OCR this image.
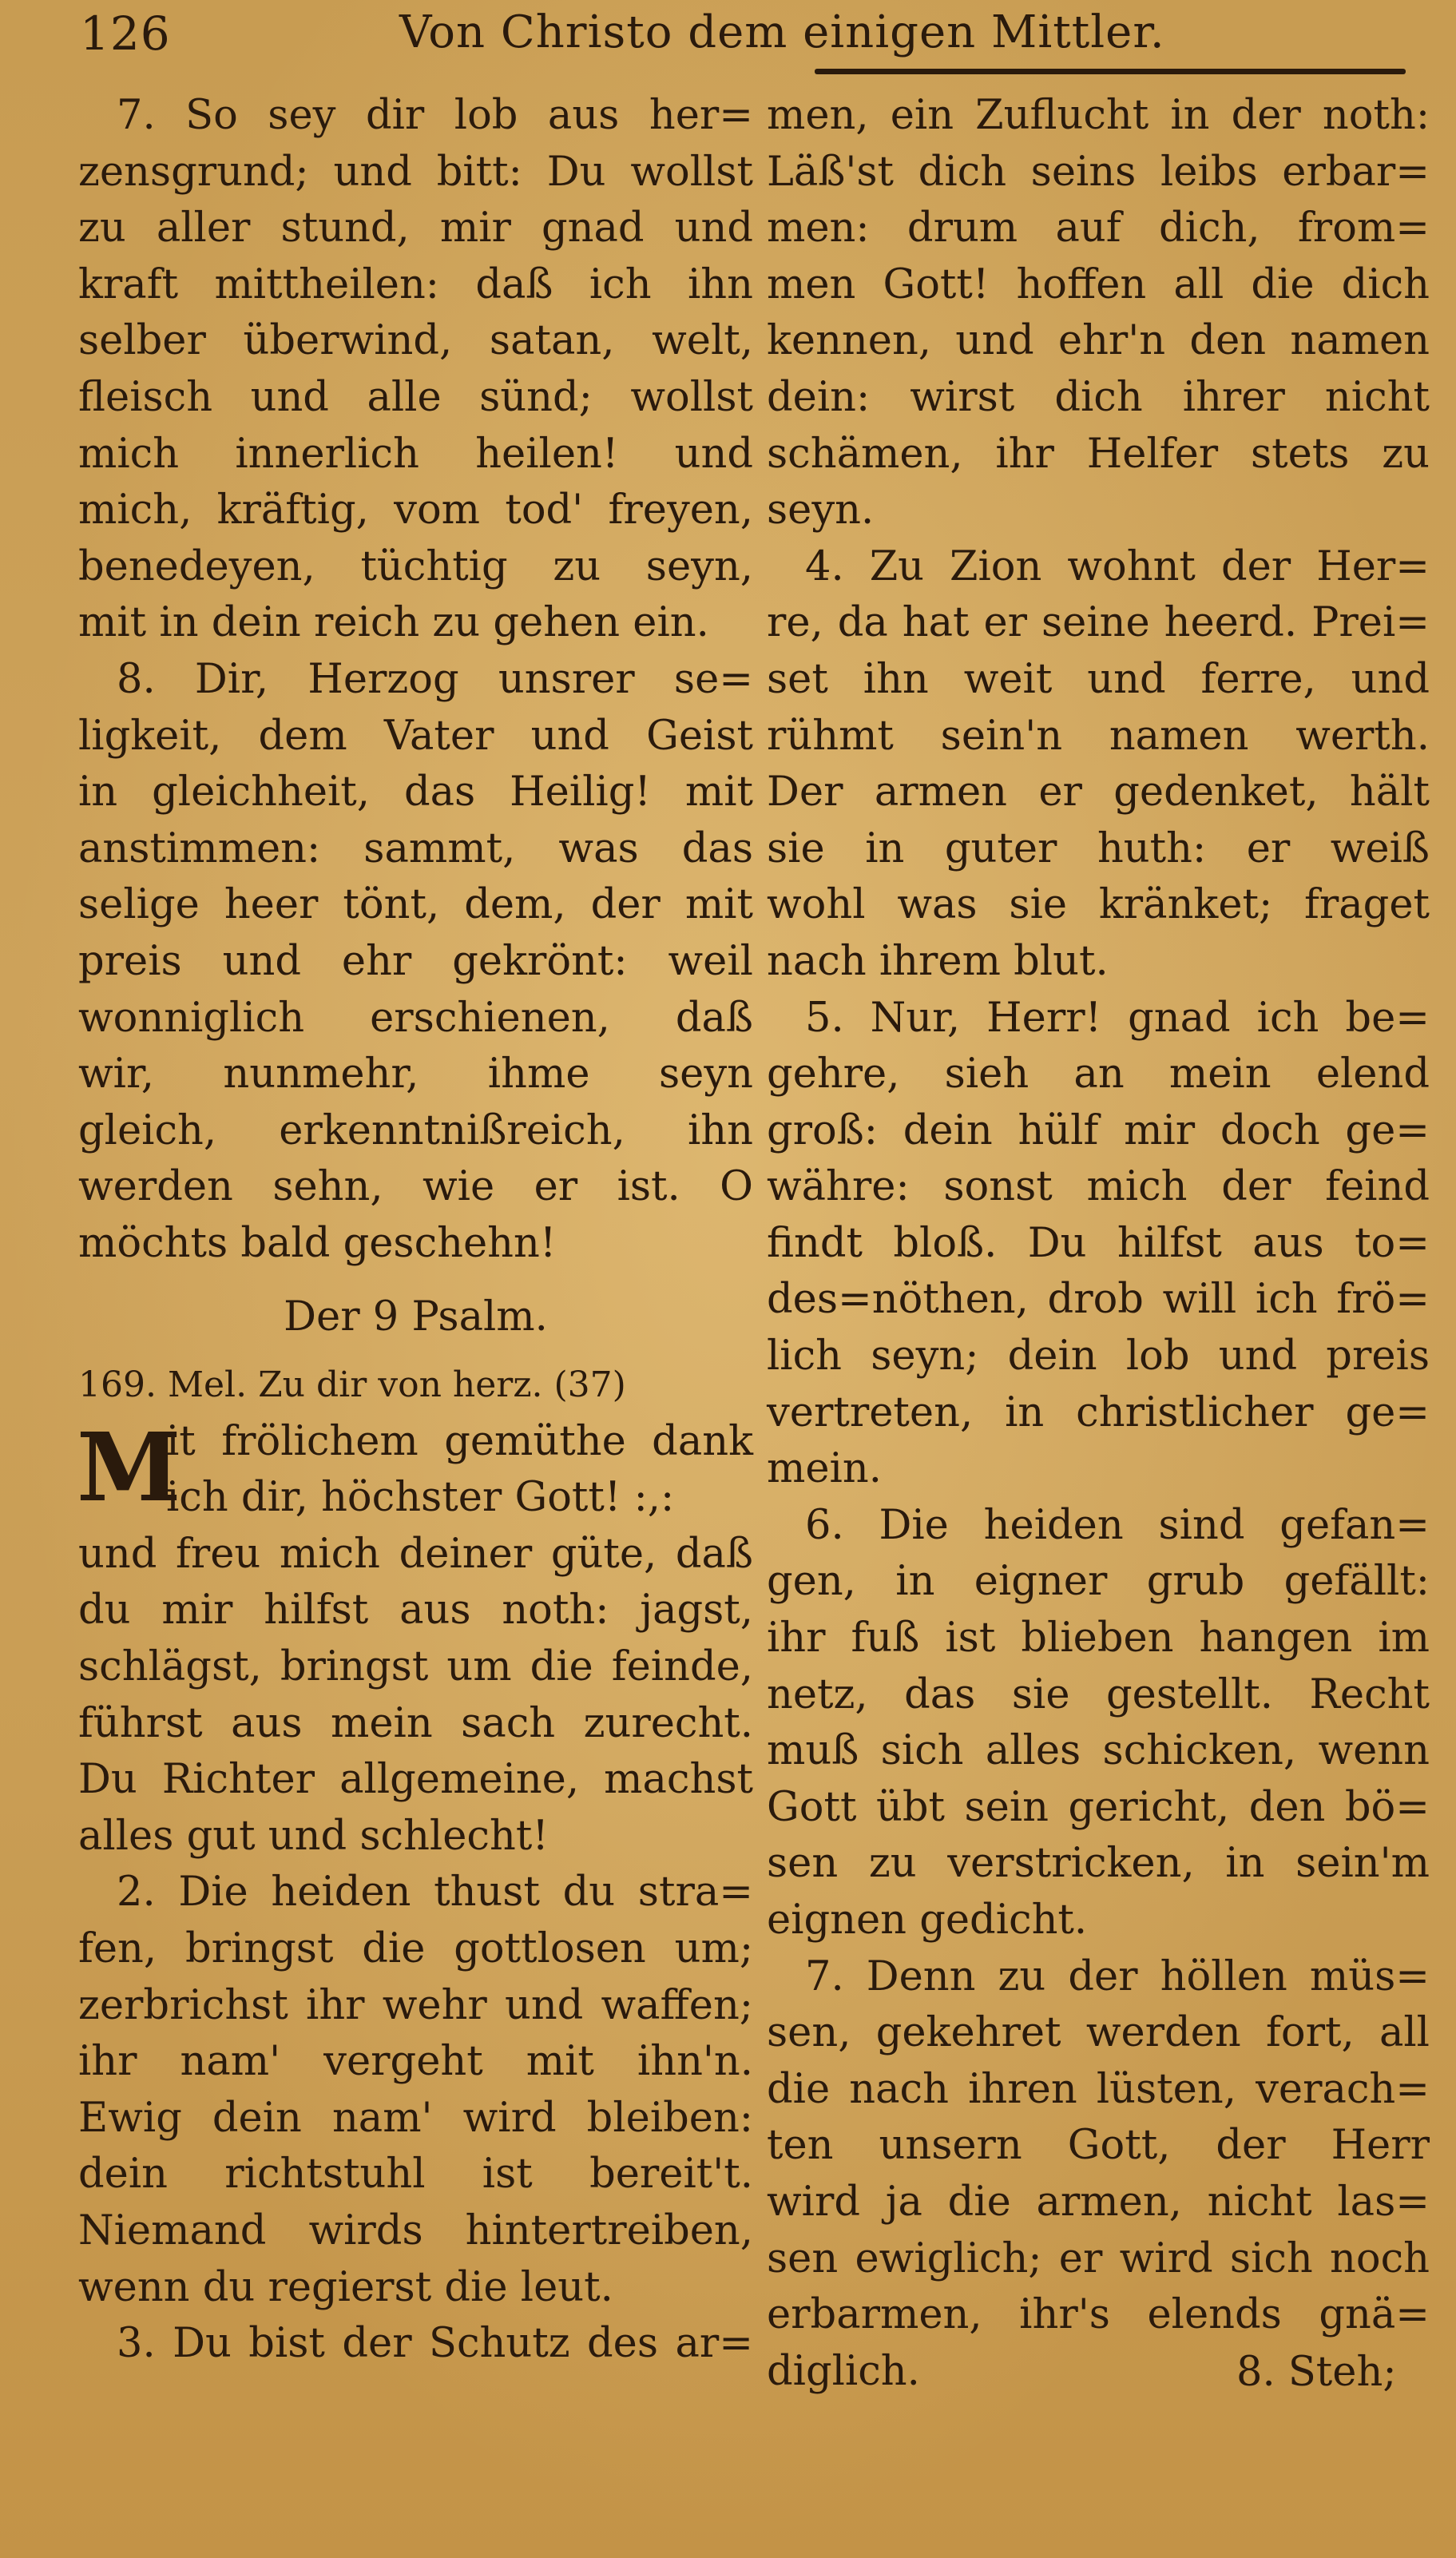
126	Von Christo dem einigen Mittler.
7. So sey dir lob aus her=
zensgrund; und bitt: Du wollst
zu aller stund, mir gnad und
kraft mittheilen: daß ich ihn
selber überwind, satan, welt,
fleisch und alle sünd; wollst
mich innerlich heilen! und
mich, kräftig, vom tod' freyen,
benedeyen, tüchtig zu seyn,
mit in dein reich zu gehen ein.
8. Dir, Herzog unsrer se=
ligkeit, dem Vater und Geist
in gleichheit, das Heilig! mit
anstimmen: sammt, was das
selige heer tönt, dem, der mit
preis und ehr gekrönt: weil
wonniglich erschienen, daß
wir, nunmehr, ihme seyn
gleich, erkenntnißreich, ihn
werden sehn, wie er ist. O
möchts bald geschehn!
Der 9 Psalm.
169. Mel. Zu dir von herz. (37)
M
it frölichem gemüthe dank
ich dir, höchster Gott! :,:
und freu mich deiner güte, daß
du mir hilfst aus noth: jagst,
schlägst, bringst um die feinde,
führst aus mein sach zurecht.
Du Richter allgemeine, machst
alles gut und schlecht!
2. Die heiden thust du stra=
fen, bringst die gottlosen um;
zerbrichst ihr wehr und waffen;
ihr nam' vergeht mit ihn'n.
Ewig dein nam' wird bleiben:
dein richtstuhl ist bereit't.
Niemand wirds hintertreiben,
wenn du regierst die leut.
3. Du bist der Schutz des ar=
men, ein Zuflucht in der noth:
Läß'st dich seins leibs erbar=
men: drum auf dich, from=
men Gott! hoffen all die dich
kennen, und ehr'n den namen
dein: wirst dich ihrer nicht
schämen, ihr Helfer stets zu
seyn.
4. Zu Zion wohnt der Her=
re, da hat er seine heerd. Prei=
set ihn weit und ferre, und
rühmt sein'n namen werth.
Der armen er gedenket, hält
sie in guter huth: er weiß
wohl was sie kränket; fraget
nach ihrem blut.
5. Nur, Herr! gnad ich be=
gehre, sieh an mein elend
groß: dein hülf mir doch ge=
währe: sonst mich der feind
findt bloß. Du hilfst aus to=
des=nöthen, drob will ich frö=
lich seyn; dein lob und preis
vertreten, in christlicher ge=
mein.
6. Die heiden sind gefan=
gen, in eigner grub gefällt:
ihr fuß ist blieben hangen im
netz, das sie gestellt. Recht
muß sich alles schicken, wenn
Gott übt sein gericht, den bö=
sen zu verstricken, in sein'm
eignen gedicht.
7. Denn zu der höllen müs=
sen, gekehret werden fort, all
die nach ihren lüsten, verach=
ten unsern Gott, der Herr
wird ja die armen, nicht las=
sen ewiglich; er wird sich noch
erbarmen, ihr's elends gnä=
diglich.	8. Steh;
